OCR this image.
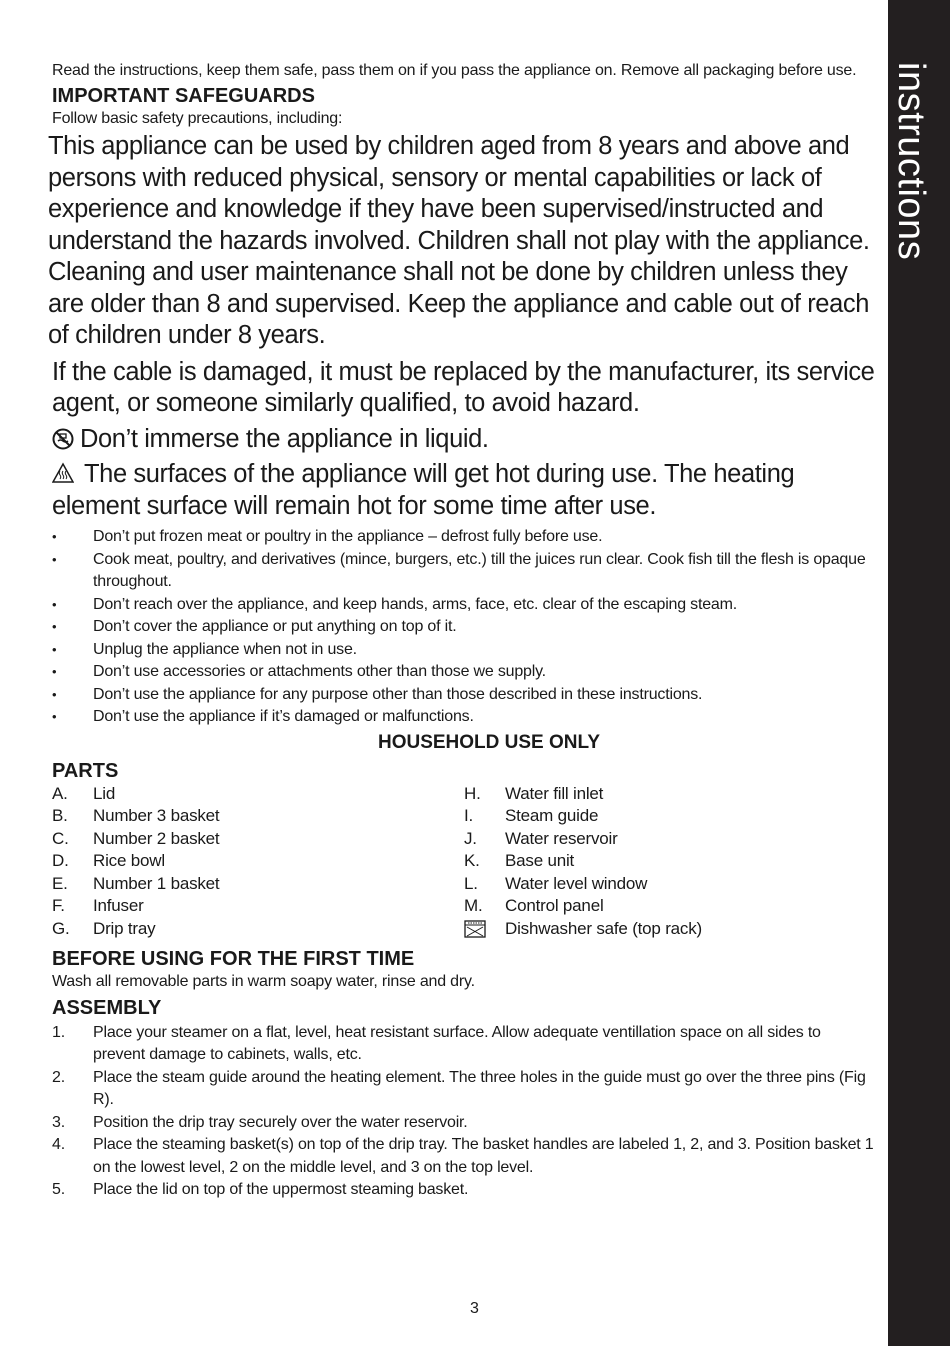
instructions

Read the instructions, keep them safe, pass them on if you pass the appliance on. Remove all packaging before use.

IMPORTANT SAFEGUARDS

Follow basic safety precautions, including:

This appliance can be used by children aged from 8 years and above and persons with reduced physical, sensory or mental capabilities or lack of experience and knowledge if they have been supervised/instructed and understand the hazards involved. Children shall not play with the appliance. Cleaning and user maintenance shall not be done by children unless they are older than 8 and supervised. Keep the appliance and cable out of reach of children under 8 years.

If the cable is damaged, it must be replaced by the manufacturer, its service agent, or someone similarly qualified, to avoid hazard.

Don’t immerse the appliance in liquid.

The surfaces of the appliance will get hot during use. The heating element surface will remain hot for some time after use.

• Don’t put frozen meat or poultry in the appliance – defrost fully before use.
• Cook meat, poultry, and derivatives (mince, burgers, etc.) till the juices run clear. Cook fish till the flesh is opaque throughout.
• Don’t reach over the appliance, and keep hands, arms, face, etc. clear of the escaping steam.
• Don’t cover the appliance or put anything on top of it.
• Unplug the appliance when not in use.
• Don’t use accessories or attachments other than those we supply.
• Don’t use the appliance for any purpose other than those described in these instructions.
• Don’t use the appliance if it’s damaged or malfunctions.
HOUSEHOLD USE ONLY
PARTS
A.	Lid
B.	Number 3 basket
C.	Number 2 basket
D.	Rice bowl
E.	Number 1 basket
F.	Infuser
G.	Drip tray
H.	Water fill inlet
I.	Steam guide
J.	Water reservoir
K.	Base unit
L.	Water level window
M.	Control panel
Dishwasher safe (top rack)
BEFORE USING FOR THE FIRST TIME

Wash all removable parts in warm soapy water, rinse and dry.

ASSEMBLY
1.	Place your steamer on a flat, level, heat resistant surface. Allow adequate ventillation space on all sides to prevent damage to cabinets, walls, etc.
2.	Place the steam guide around the heating element. The three holes in the guide must go over the three pins (Fig R).
3.	Position the drip tray securely over the water reservoir.
4.	Place the steaming basket(s) on top of the drip tray. The basket handles are labeled 1, 2, and 3. Position basket 1 on the lowest level, 2 on the middle level, and 3 on the top level.
5.	Place the lid on top of the uppermost steaming basket.
3
